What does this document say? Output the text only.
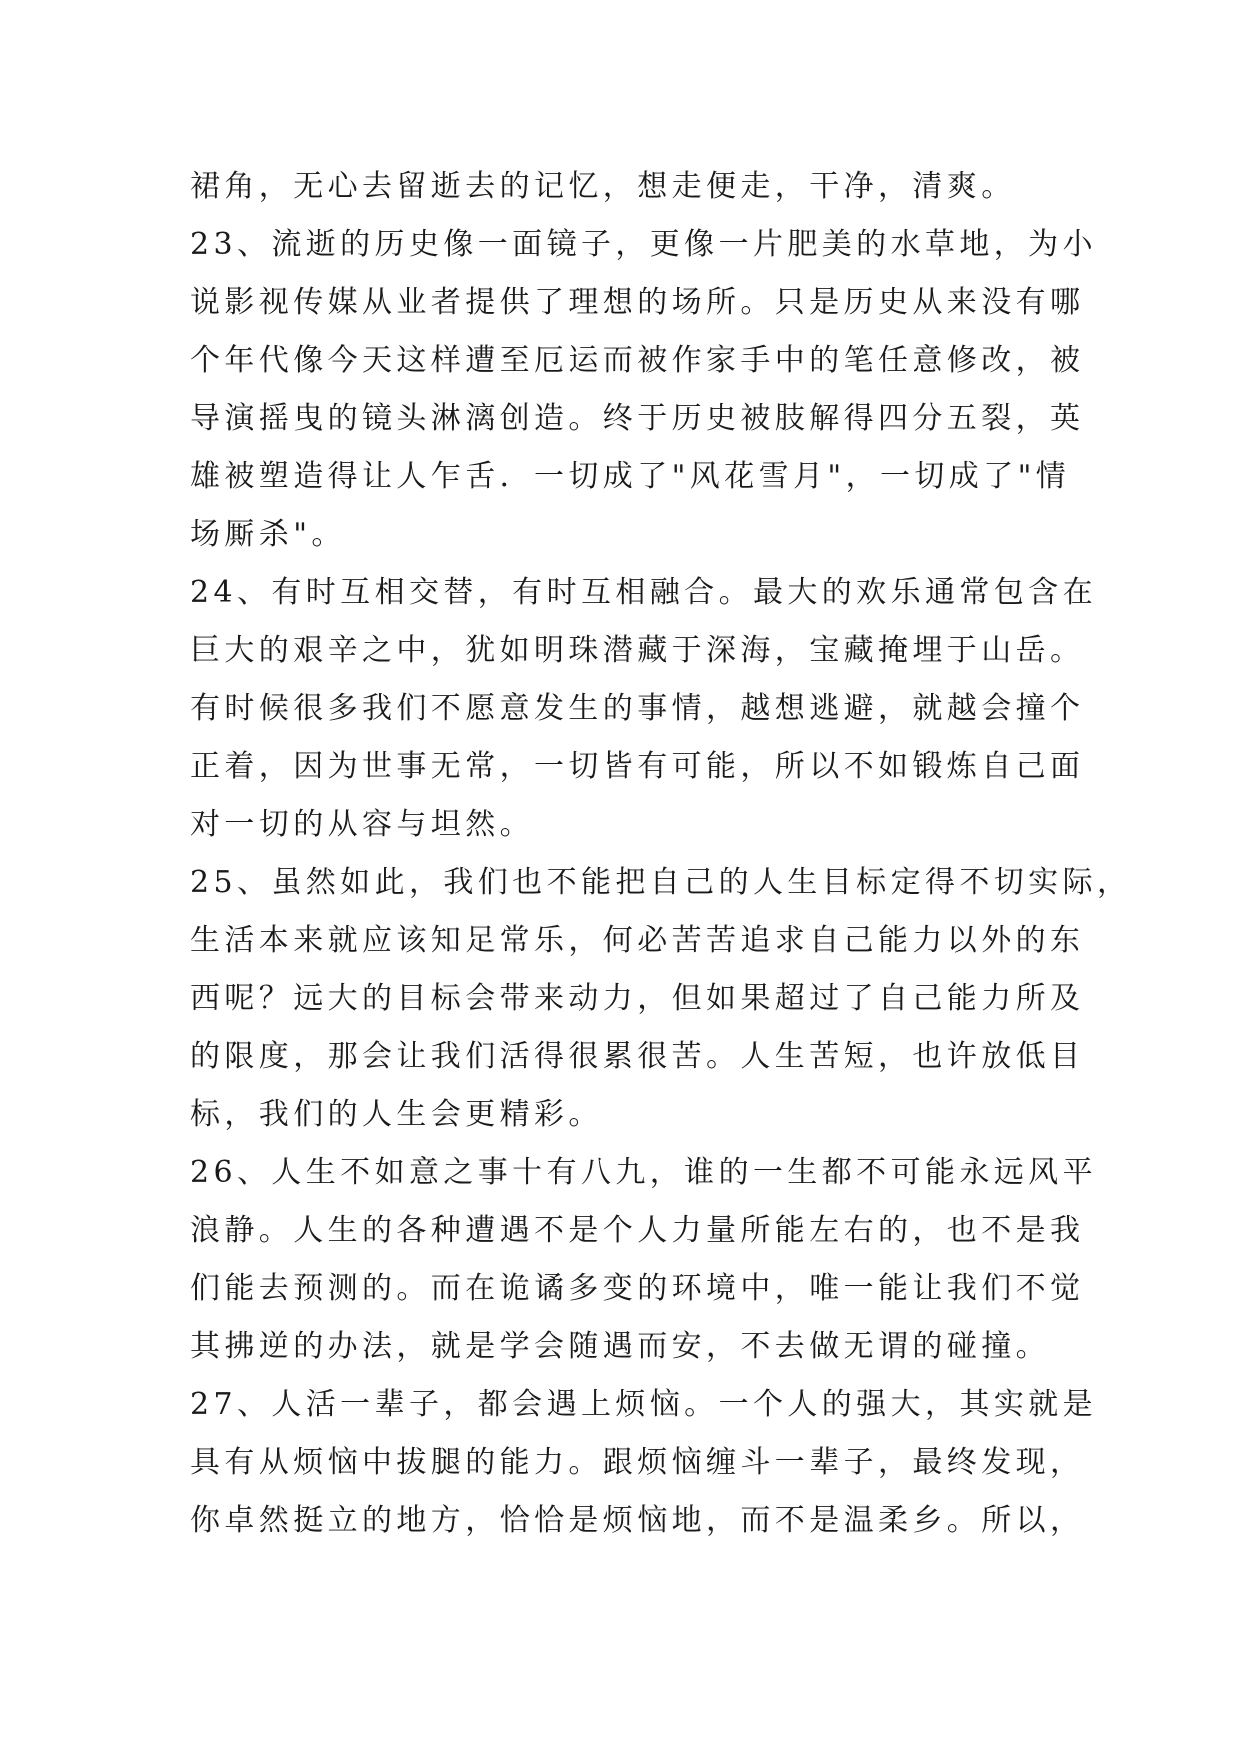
裙角，无心去留逝去的记忆，想走便走，干净，清爽。
23、流逝的历史像一面镜子，更像一片肥美的水草地，为小
说影视传媒从业者提供了理想的场所。只是历史从来没有哪
个年代像今天这样遭至厄运而被作家手中的笔任意修改，被
导演摇曳的镜头淋漓创造。终于历史被肢解得四分五裂，英
雄被塑造得让人乍舌．一切成了"风花雪月"，一切成了"情
场厮杀"。
24、有时互相交替，有时互相融合。最大的欢乐通常包含在
巨大的艰辛之中，犹如明珠潜藏于深海，宝藏掩埋于山岳。
有时候很多我们不愿意发生的事情，越想逃避，就越会撞个
正着，因为世事无常，一切皆有可能，所以不如锻炼自己面
对一切的从容与坦然。
25、虽然如此，我们也不能把自己的人生目标定得不切实际，
生活本来就应该知足常乐，何必苦苦追求自己能力以外的东
西呢？远大的目标会带来动力，但如果超过了自己能力所及
的限度，那会让我们活得很累很苦。人生苦短，也许放低目
标，我们的人生会更精彩。
26、人生不如意之事十有八九，谁的一生都不可能永远风平
浪静。人生的各种遭遇不是个人力量所能左右的，也不是我
们能去预测的。而在诡谲多变的环境中，唯一能让我们不觉
其拂逆的办法，就是学会随遇而安，不去做无谓的碰撞。
27、人活一辈子，都会遇上烦恼。一个人的强大，其实就是
具有从烦恼中拔腿的能力。跟烦恼缠斗一辈子，最终发现，
你卓然挺立的地方，恰恰是烦恼地，而不是温柔乡。所以，
